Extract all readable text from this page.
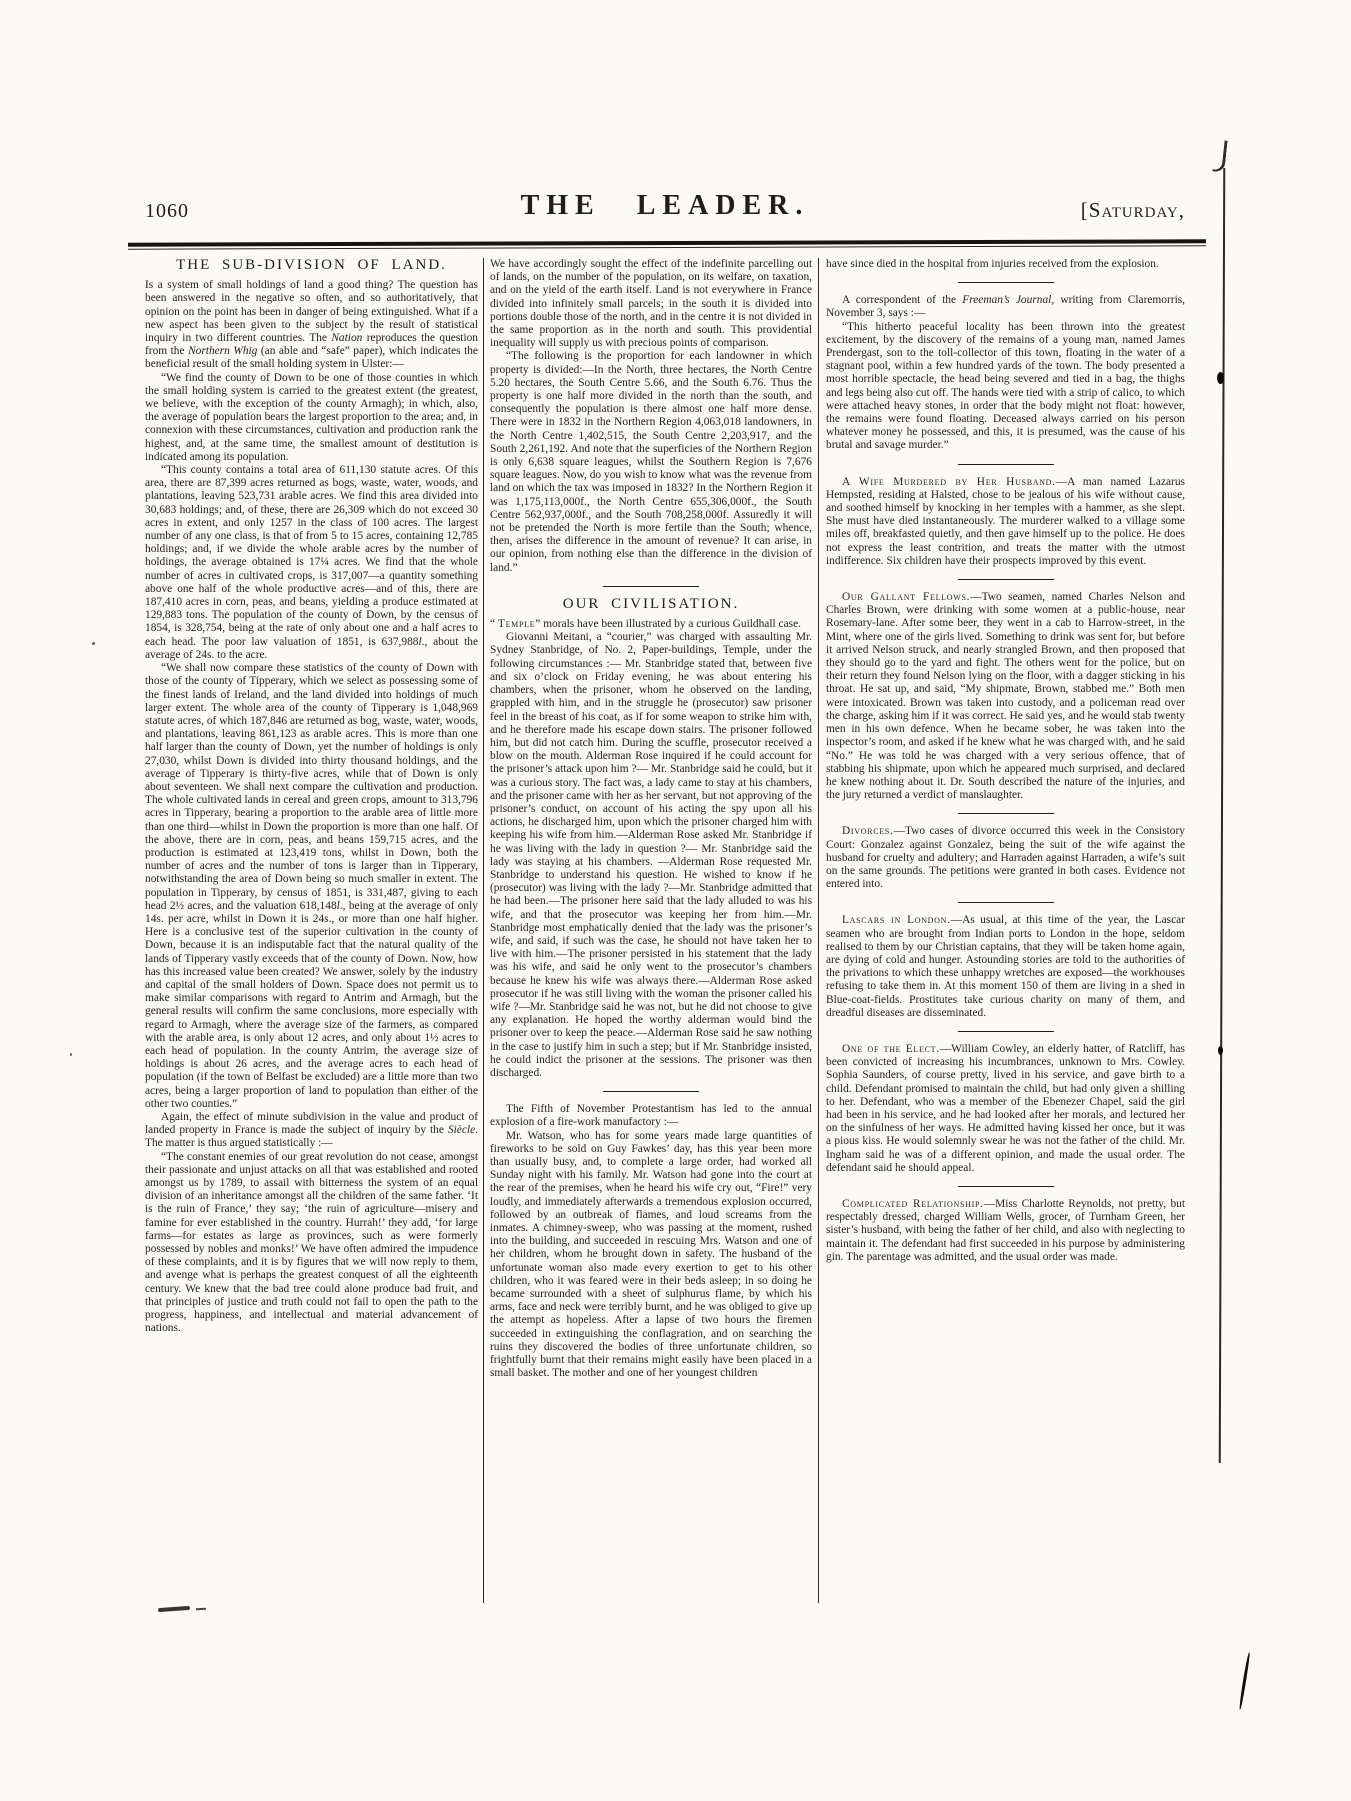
1060	THE LEADER.	[Saturday,
THE SUB-DIVISION OF LAND.

Is a system of small holdings of land a good thing? The question has been answered in the negative so often, and so authoritatively, that opinion on the point has been in danger of being extinguished. What if a new aspect has been given to the subject by the result of statistical inquiry in two different countries. The Nation reproduces the question from the Northern Whig (an able and “safe” paper), which indicates the beneficial result of the small holding system in Ulster:—

“We find the county of Down to be one of those counties in which the small holding system is carried to the greatest extent (the greatest, we believe, with the exception of the county Armagh); in which, also, the average of population bears the largest proportion to the area; and, in connexion with these circumstances, cultivation and production rank the highest, and, at the same time, the smallest amount of destitution is indicated among its population.

“This county contains a total area of 611,130 statute acres. Of this area, there are 87,399 acres returned as bogs, waste, water, woods, and plantations, leaving 523,731 arable acres. We find this area divided into 30,683 holdings; and, of these, there are 26,309 which do not exceed 30 acres in extent, and only 1257 in the class of 100 acres. The largest number of any one class, is that of from 5 to 15 acres, containing 12,785 holdings; and, if we divide the whole arable acres by the number of holdings, the average obtained is 17¼ acres. We find that the whole number of acres in cultivated crops, is 317,007—a quantity something above one half of the whole productive acres—and of this, there are 187,410 acres in corn, peas, and beans, yielding a produce estimated at 129,883 tons. The population of the county of Down, by the census of 1854, is 328,754, being at the rate of only about one and a half acres to each head. The poor law valuation of 1851, is 637,988l., about the average of 24s. to the acre.

“We shall now compare these statistics of the county of Down with those of the county of Tipperary, which we select as possessing some of the finest lands of Ireland, and the land divided into holdings of much larger extent. The whole area of the county of Tipperary is 1,048,969 statute acres, of which 187,846 are returned as bog, waste, water, woods, and plantations, leaving 861,123 as arable acres. This is more than one half larger than the county of Down, yet the number of holdings is only 27,030, whilst Down is divided into thirty thousand holdings, and the average of Tipperary is thirty-five acres, while that of Down is only about seventeen. We shall next compare the cultivation and production. The whole cultivated lands in cereal and green crops, amount to 313,796 acres in Tipperary, bearing a proportion to the arable area of little more than one third—whilst in Down the proportion is more than one half. Of the above, there are in corn, peas, and beans 159,715 acres, and the production is estimated at 123,419 tons, whilst in Down, both the number of acres and the number of tons is larger than in Tipperary, notwithstanding the area of Down being so much smaller in extent. The population in Tipperary, by census of 1851, is 331,487, giving to each head 2½ acres, and the valuation 618,148l., being at the average of only 14s. per acre, whilst in Down it is 24s., or more than one half higher. Here is a conclusive test of the superior cultivation in the county of Down, because it is an indisputable fact that the natural quality of the lands of Tipperary vastly exceeds that of the county of Down. Now, how has this increased value been created? We answer, solely by the industry and capital of the small holders of Down. Space does not permit us to make similar comparisons with regard to Antrim and Armagh, but the general results will confirm the same conclusions, more especially with regard to Armagh, where the average size of the farmers, as compared with the arable area, is only about 12 acres, and only about 1½ acres to each head of population. In the county Antrim, the average size of holdings is about 26 acres, and the average acres to each head of population (if the town of Belfast be excluded) are a little more than two acres, being a larger proportion of land to population than either of the other two counties.”

Again, the effect of minute subdivision in the value and product of landed property in France is made the subject of inquiry by the Siècle. The matter is thus argued statistically :—

“The constant enemies of our great revolution do not cease, amongst their passionate and unjust attacks on all that was established and rooted amongst us by 1789, to assail with bitterness the system of an equal division of an inheritance amongst all the children of the same father. ‘It is the ruin of France,’ they say; ‘the ruin of agriculture—misery and famine for ever established in the country. Hurrah!’ they add, ‘for large farms—for estates as large as provinces, such as were formerly possessed by nobles and monks!’ We have often admired the impudence of these complaints, and it is by figures that we will now reply to them, and avenge what is perhaps the greatest conquest of all the eighteenth century. We knew that the bad tree could alone produce bad fruit, and that principles of justice and truth could not fail to open the path to the progress, happiness, and intellectual and material advancement of nations.

We have accordingly sought the effect of the indefinite parcelling out of lands, on the number of the population, on its welfare, on taxation, and on the yield of the earth itself. Land is not everywhere in France divided into infinitely small parcels; in the south it is divided into portions double those of the north, and in the centre it is not divided in the same proportion as in the north and south. This providential inequality will supply us with precious points of comparison.

“The following is the proportion for each landowner in which property is divided:—In the North, three hectares, the North Centre 5.20 hectares, the South Centre 5.66, and the South 6.76. Thus the property is one half more divided in the north than the south, and consequently the population is there almost one half more dense. There were in 1832 in the Northern Region 4,063,018 landowners, in the North Centre 1,402,515, the South Centre 2,203,917, and the South 2,261,192. And note that the superficies of the Northern Region is only 6,638 square leagues, whilst the Southern Region is 7,676 square leagues. Now, do you wish to know what was the revenue from land on which the tax was imposed in 1832? In the Northern Region it was 1,175,113,000f., the North Centre 655,306,000f., the South Centre 562,937,000f., and the South 708,258,000f. Assuredly it will not be pretended the North is more fertile than the South; whence, then, arises the difference in the amount of revenue? It can arise, in our opinion, from nothing else than the difference in the division of land.”

OUR CIVILISATION.

“ Temple” morals have been illustrated by a curious Guildhall case.

Giovanni Meitani, a “courier,” was charged with assaulting Mr. Sydney Stanbridge, of No. 2, Paper-buildings, Temple, under the following circumstances :— Mr. Stanbridge stated that, between five and six o’clock on Friday evening, he was about entering his chambers, when the prisoner, whom he observed on the landing, grappled with him, and in the struggle he (prosecutor) saw prisoner feel in the breast of his coat, as if for some weapon to strike him with, and he therefore made his escape down stairs. The prisoner followed him, but did not catch him. During the scuffle, prosecutor received a blow on the mouth. Alderman Rose inquired if he could account for the prisoner’s attack upon him ?— Mr. Stanbridge said he could, but it was a curious story. The fact was, a lady came to stay at his chambers, and the prisoner came with her as her servant, but not approving of the prisoner’s conduct, on account of his acting the spy upon all his actions, he discharged him, upon which the prisoner charged him with keeping his wife from him.—Alderman Rose asked Mr. Stanbridge if he was living with the lady in question ?— Mr. Stanbridge said the lady was staying at his chambers. —Alderman Rose requested Mr. Stanbridge to understand his question. He wished to know if he (prosecutor) was living with the lady ?—Mr. Stanbridge admitted that he had been.—The prisoner here said that the lady alluded to was his wife, and that the prosecutor was keeping her from him.—Mr. Stanbridge most emphatically denied that the lady was the prisoner’s wife, and said, if such was the case, he should not have taken her to live with him.—The prisoner persisted in his statement that the lady was his wife, and said he only went to the prosecutor’s chambers because he knew his wife was always there.—Alderman Rose asked prosecutor if he was still living with the woman the prisoner called his wife ?—Mr. Stanbridge said he was not, but he did not choose to give any explanation. He hoped the worthy alderman would bind the prisoner over to keep the peace.—Alderman Rose said he saw nothing in the case to justify him in such a step; but if Mr. Stanbridge insisted, he could indict the prisoner at the sessions. The prisoner was then discharged.

The Fifth of November Protestantism has led to the annual explosion of a fire-work manufactory :—

Mr. Watson, who has for some years made large quantities of fireworks to be sold on Guy Fawkes’ day, has this year been more than usually busy, and, to complete a large order, had worked all Sunday night with his family. Mr. Watson had gone into the court at the rear of the premises, when he heard his wife cry out, “Fire!” very loudly, and immediately afterwards a tremendous explosion occurred, followed by an outbreak of flames, and loud screams from the inmates. A chimney-sweep, who was passing at the moment, rushed into the building, and succeeded in rescuing Mrs. Watson and one of her children, whom he brought down in safety. The husband of the unfortunate woman also made every exertion to get to his other children, who it was feared were in their beds asleep; in so doing he became surrounded with a sheet of sulphurus flame, by which his arms, face and neck were terribly burnt, and he was obliged to give up the attempt as hopeless. After a lapse of two hours the firemen succeeded in extinguishing the conflagration, and on searching the ruins they discovered the bodies of three unfortunate children, so frightfully burnt that their remains might easily have been placed in a small basket. The mother and one of her youngest children

have since died in the hospital from injuries received from the explosion.

A correspondent of the Freeman’s Journal, writing from Claremorris, November 3, says :—

“This hitherto peaceful locality has been thrown into the greatest excitement, by the discovery of the remains of a young man, named James Prendergast, son to the toll-collector of this town, floating in the water of a stagnant pool, within a few hundred yards of the town. The body presented a most horrible spectacle, the head being severed and tied in a bag, the thighs and legs being also cut off. The hands were tied with a strip of calico, to which were attached heavy stones, in order that the body might not float: however, the remains were found floating. Deceased always carried on his person whatever money he possessed, and this, it is presumed, was the cause of his brutal and savage murder.”

A Wife Murdered by Her Husband.—A man named Lazarus Hempsted, residing at Halsted, chose to be jealous of his wife without cause, and soothed himself by knocking in her temples with a hammer, as she slept. She must have died instantaneously. The murderer walked to a village some miles off, breakfasted quietly, and then gave himself up to the police. He does not express the least contrition, and treats the matter with the utmost indifference. Six children have their prospects improved by this event.

Our Gallant Fellows.—Two seamen, named Charles Nelson and Charles Brown, were drinking with some women at a public-house, near Rosemary-lane. After some beer, they went in a cab to Harrow-street, in the Mint, where one of the girls lived. Something to drink was sent for, but before it arrived Nelson struck, and nearly strangled Brown, and then proposed that they should go to the yard and fight. The others went for the police, but on their return they found Nelson lying on the floor, with a dagger sticking in his throat. He sat up, and said, “My shipmate, Brown, stabbed me.” Both men were intoxicated. Brown was taken into custody, and a policeman read over the charge, asking him if it was correct. He said yes, and he would stab twenty men in his own defence. When he became sober, he was taken into the inspector’s room, and asked if he knew what he was charged with, and he said “No.” He was told he was charged with a very serious offence, that of stabbing his shipmate, upon which he appeared much surprised, and declared he knew nothing about it. Dr. South described the nature of the injuries, and the jury returned a verdict of manslaughter.

Divorces.—Two cases of divorce occurred this week in the Consistory Court: Gonzalez against Gonzalez, being the suit of the wife against the husband for cruelty and adultery; and Harraden against Harraden, a wife’s suit on the same grounds. The petitions were granted in both cases. Evidence not entered into.

Lascars in London.—As usual, at this time of the year, the Lascar seamen who are brought from Indian ports to London in the hope, seldom realised to them by our Christian captains, that they will be taken home again, are dying of cold and hunger. Astounding stories are told to the authorities of the privations to which these unhappy wretches are exposed—the workhouses refusing to take them in. At this moment 150 of them are living in a shed in Blue-coat-fields. Prostitutes take curious charity on many of them, and dreadful diseases are disseminated.

One of the Elect.—William Cowley, an elderly hatter, of Ratcliff, has been convicted of increasing his incumbrances, unknown to Mrs. Cowley. Sophia Saunders, of course pretty, lived in his service, and gave birth to a child. Defendant promised to maintain the child, but had only given a shilling to her. Defendant, who was a member of the Ebenezer Chapel, said the girl had been in his service, and he had looked after her morals, and lectured her on the sinfulness of her ways. He admitted having kissed her once, but it was a pious kiss. He would solemnly swear he was not the father of the child. Mr. Ingham said he was of a different opinion, and made the usual order. The defendant said he should appeal.

Complicated Relationship.—Miss Charlotte Reynolds, not pretty, but respectably dressed, charged William Wells, grocer, of Turnham Green, her sister’s husband, with being the father of her child, and also with neglecting to maintain it. The defendant had first succeeded in his purpose by administering gin. The parentage was admitted, and the usual order was made.
